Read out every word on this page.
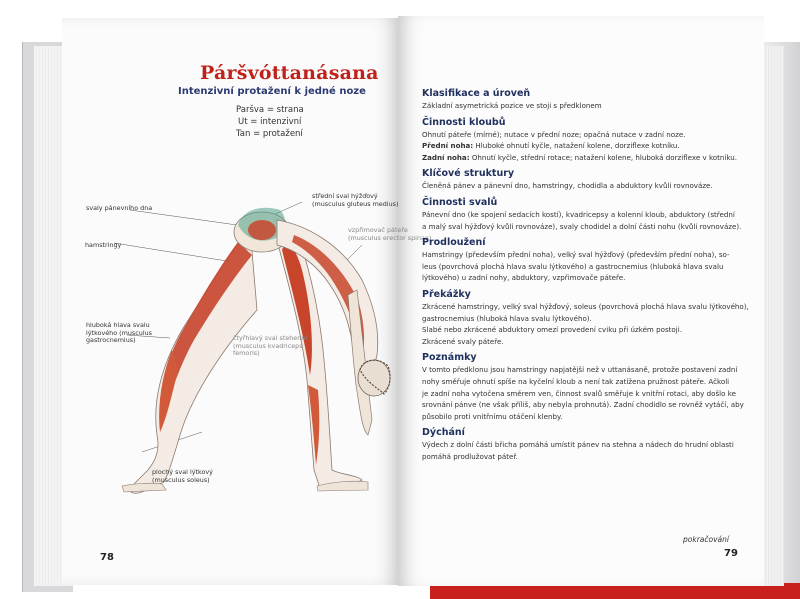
Páršvóttanásana
Intenzivní protažení k jedné noze
Paršva = strana
Ut = intenzivní
Tan = protažení
svaly pánevního dna
hamstringy
střední sval hýžďový
(musculus gluteus medius)
vzpřimovač páteře
(musculus erector spinae)
hluboká hlava svalu
lýtkového (musculus
gastrocnemius)	čtyřhlavý sval stehenní
(musculus kvadriceps
femoris)
plochý sval lýtkový
(musculus soleus)
78

Klasifikace a úroveň

Základní asymetrická pozice ve stoji s předklonem

Činnosti kloubů

Ohnutí páteře (mírné); nutace v přední noze; opačná nutace v zadní noze.

Přední noha: Hluboké ohnutí kyčle, natažení kolene, dorziflexe kotníku.

Zadní noha: Ohnutí kyčle, střední rotace; natažení kolene, hluboká dorziflexe v kotníku.

Klíčové struktury

Členěná pánev a pánevní dno, hamstringy, chodidla a abduktory kvůli rovnováze.

Činnosti svalů

Pánevní dno (ke spojení sedacích kostí), kvadricepsy a kolenní kloub, abduktory (střední

a malý sval hýžďový kvůli rovnováze), svaly chodidel a dolní části nohu (kvůli rovnováze).

Prodloužení

Hamstringy (především přední noha), velký sval hýžďový (především přední noha), so-

leus (povrchová plochá hlava svalu lýtkového) a gastrocnemius (hluboká hlava svalu

lýtkového) u zadní nohy, abduktory, vzpřimovače páteře.

Překážky

Zkrácené hamstringy, velký sval hýžďový, soleus (povrchová plochá hlava svalu lýtkového),

gastrocnemius (hluboká hlava svalu lýtkového).

Slabé nebo zkrácené abduktory omezí provedení cviku při úzkém postoji.

Zkrácené svaly páteře.

Poznámky

V tomto předklonu jsou hamstringy napjatější než v uttanásaně, protože postavení zadní

nohy směřuje ohnutí spíše na kyčelní kloub a není tak zatížena pružnost páteře. Ačkoli

je zadní noha vytočena směrem ven, činnost svalů směřuje k vnitřní rotaci, aby došlo ke

srovnání pánve (ne však příliš, aby nebyla prohnutá). Zadní chodidlo se rovněž vytáčí, aby

působilo proti vnitřnímu otáčení klenby.

Dýchání

Výdech z dolní části břicha pomáhá umístit pánev na stehna a nádech do hrudní oblasti

pomáhá prodlužovat páteř.

pokračování
79
